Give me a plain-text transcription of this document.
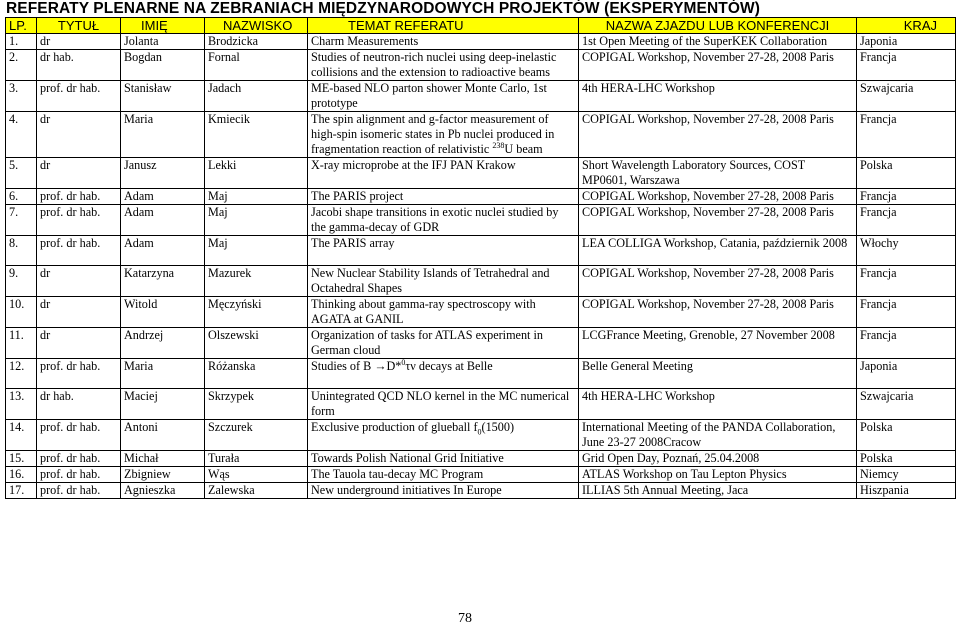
REFERATY PLENARNE NA ZEBRANIACH MIĘDZYNARODOWYCH PROJEKTÓW (EKSPERYMENTÓW)
LP.	TYTUŁ	IMIĘ	NAZWISKO	TEMAT REFERATU	NAZWA ZJAZDU LUB KONFERENCJI	KRAJ
1.	dr	Jolanta	Brodzicka	Charm Measurements	1st Open Meeting of the SuperKEK Collaboration	Japonia
2.	dr hab.	Bogdan	Fornal	Studies of neutron-rich nuclei using deep-inelastic collisions and the extension to radioactive beams	COPIGAL Workshop, November 27-28, 2008 Paris	Francja
3.	prof. dr hab.	Stanisław	Jadach	ME-based NLO parton shower Monte Carlo, 1st prototype	4th HERA-LHC Workshop	Szwajcaria
4.	dr	Maria	Kmiecik	The spin alignment and g-factor measurement of high-spin isomeric states in Pb nuclei produced in fragmentation reaction of relativistic $^{238}$U beam	COPIGAL Workshop, November 27-28, 2008 Paris	Francja
5.	dr	Janusz	Lekki	X-ray microprobe at the IFJ PAN Krakow	Short Wavelength Laboratory Sources, COST MP0601, Warszawa	Polska
6.	prof. dr hab.	Adam	Maj	The PARIS project	COPIGAL Workshop, November 27-28, 2008 Paris	Francja
7.	prof. dr hab.	Adam	Maj	Jacobi shape transitions in exotic nuclei studied by the gamma-decay of GDR	COPIGAL Workshop, November 27-28, 2008 Paris	Francja
8.	prof. dr hab.	Adam	Maj	The PARIS array	LEA COLLIGA Workshop, Catania, październik 2008	Włochy
9.	dr	Katarzyna	Mazurek	New Nuclear Stability Islands of Tetrahedral and Octahedral Shapes	COPIGAL Workshop, November 27-28, 2008 Paris	Francja
10.	dr	Witold	Męczyński	Thinking about gamma-ray spectroscopy with AGATA at GANIL	COPIGAL Workshop, November 27-28, 2008 Paris	Francja
11.	dr	Andrzej	Olszewski	Organization of tasks for ATLAS experiment in German cloud	LCGFrance Meeting, Grenoble, 27 November 2008	Francja
12.	prof. dr hab.	Maria	Różanska	Studies of B →D*$^0$τν decays at Belle	Belle General Meeting	Japonia
13.	dr hab.	Maciej	Skrzypek	Unintegrated QCD NLO kernel in the MC numerical form	4th HERA-LHC Workshop	Szwajcaria
14.	prof. dr hab.	Antoni	Szczurek	Exclusive production of glueball $f_0(1500)$	International Meeting of the PANDA Collaboration, June 23-27 2008Cracow	Polska
15.	prof. dr hab.	Michał	Turała	Towards Polish National Grid Initiative	Grid Open Day, Poznań, 25.04.2008	Polska
16.	prof. dr hab.	Zbigniew	Wąs	The Tauola tau-decay MC Program	ATLAS Workshop on Tau Lepton Physics	Niemcy
17.	prof. dr hab.	Agnieszka	Zalewska	New underground initiatives In Europe	ILLIAS 5th Annual Meeting, Jaca	Hiszpania
78
